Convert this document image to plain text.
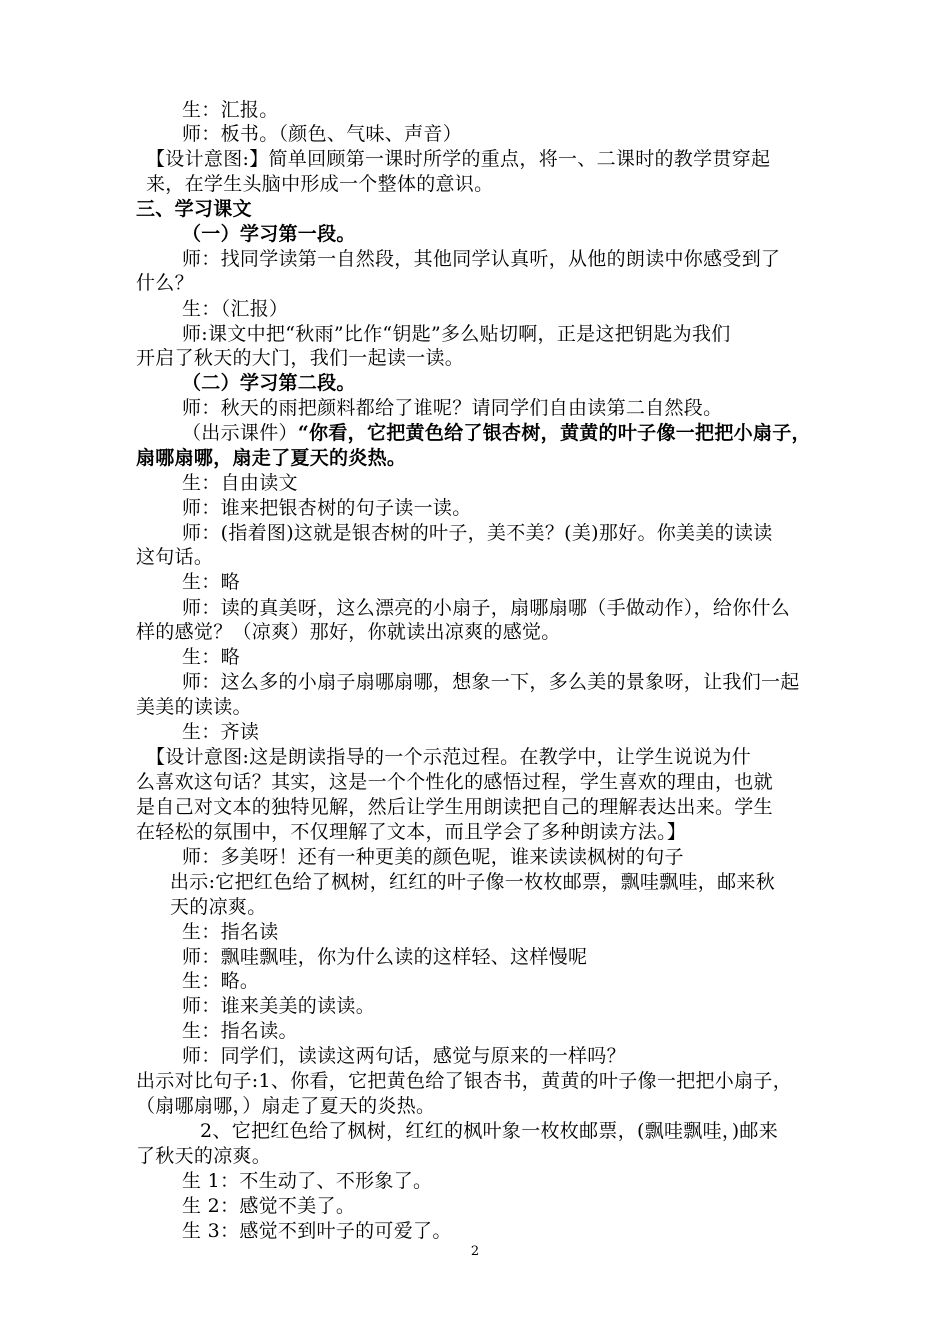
生：汇报。
师：板书。（颜色、气味、声音）
【设计意图:】简单回顾第一课时所学的重点，将一、二课时的教学贯穿起
来，在学生头脑中形成一个整体的意识。
三、学习课文
（一）学习第一段。
师：找同学读第一自然段，其他同学认真听，从他的朗读中你感受到了
什么？
生：（汇报）
师:课文中把“秋雨”比作“钥匙”多么贴切啊，正是这把钥匙为我们
开启了秋天的大门，我们一起读一读。
（二）学习第二段。
师：秋天的雨把颜料都给了谁呢？请同学们自由读第二自然段。
（出示课件）“你看，它把黄色给了银杏树，黄黄的叶子像一把把小扇子，
扇哪扇哪，扇走了夏天的炎热。
生：自由读文
师：谁来把银杏树的句子读一读。
师：(指着图)这就是银杏树的叶子，美不美？(美)那好。你美美的读读
这句话。
生：略
师：读的真美呀，这么漂亮的小扇子，扇哪扇哪（手做动作），给你什么
样的感觉？（凉爽）那好，你就读出凉爽的感觉。
生：略
师：这么多的小扇子扇哪扇哪，想象一下，多么美的景象呀，让我们一起
美美的读读。
生：齐读
【设计意图:这是朗读指导的一个示范过程。在教学中，让学生说说为什
么喜欢这句话？其实，这是一个个性化的感悟过程，学生喜欢的理由，也就
是自己对文本的独特见解，然后让学生用朗读把自己的理解表达出来。学生
在轻松的氛围中，不仅理解了文本，而且学会了多种朗读方法。】
师：多美呀！还有一种更美的颜色呢，谁来读读枫树的句子
出示:它把红色给了枫树，红红的叶子像一枚枚邮票，飘哇飘哇，邮来秋
天的凉爽。
生：指名读
师：飘哇飘哇，你为什么读的这样轻、这样慢呢
生：略。
师：谁来美美的读读。
生：指名读。
师：同学们，读读这两句话，感觉与原来的一样吗？
出示对比句子:1、你看，它把黄色给了银杏书，黄黄的叶子像一把把小扇子，
（扇哪扇哪，）扇走了夏天的炎热。
2、它把红色给了枫树，红红的枫叶象一枚枚邮票，(飘哇飘哇，)邮来
了秋天的凉爽。
生 1：不生动了、不形象了。
生 2：感觉不美了。
生 3：感觉不到叶子的可爱了。
2
